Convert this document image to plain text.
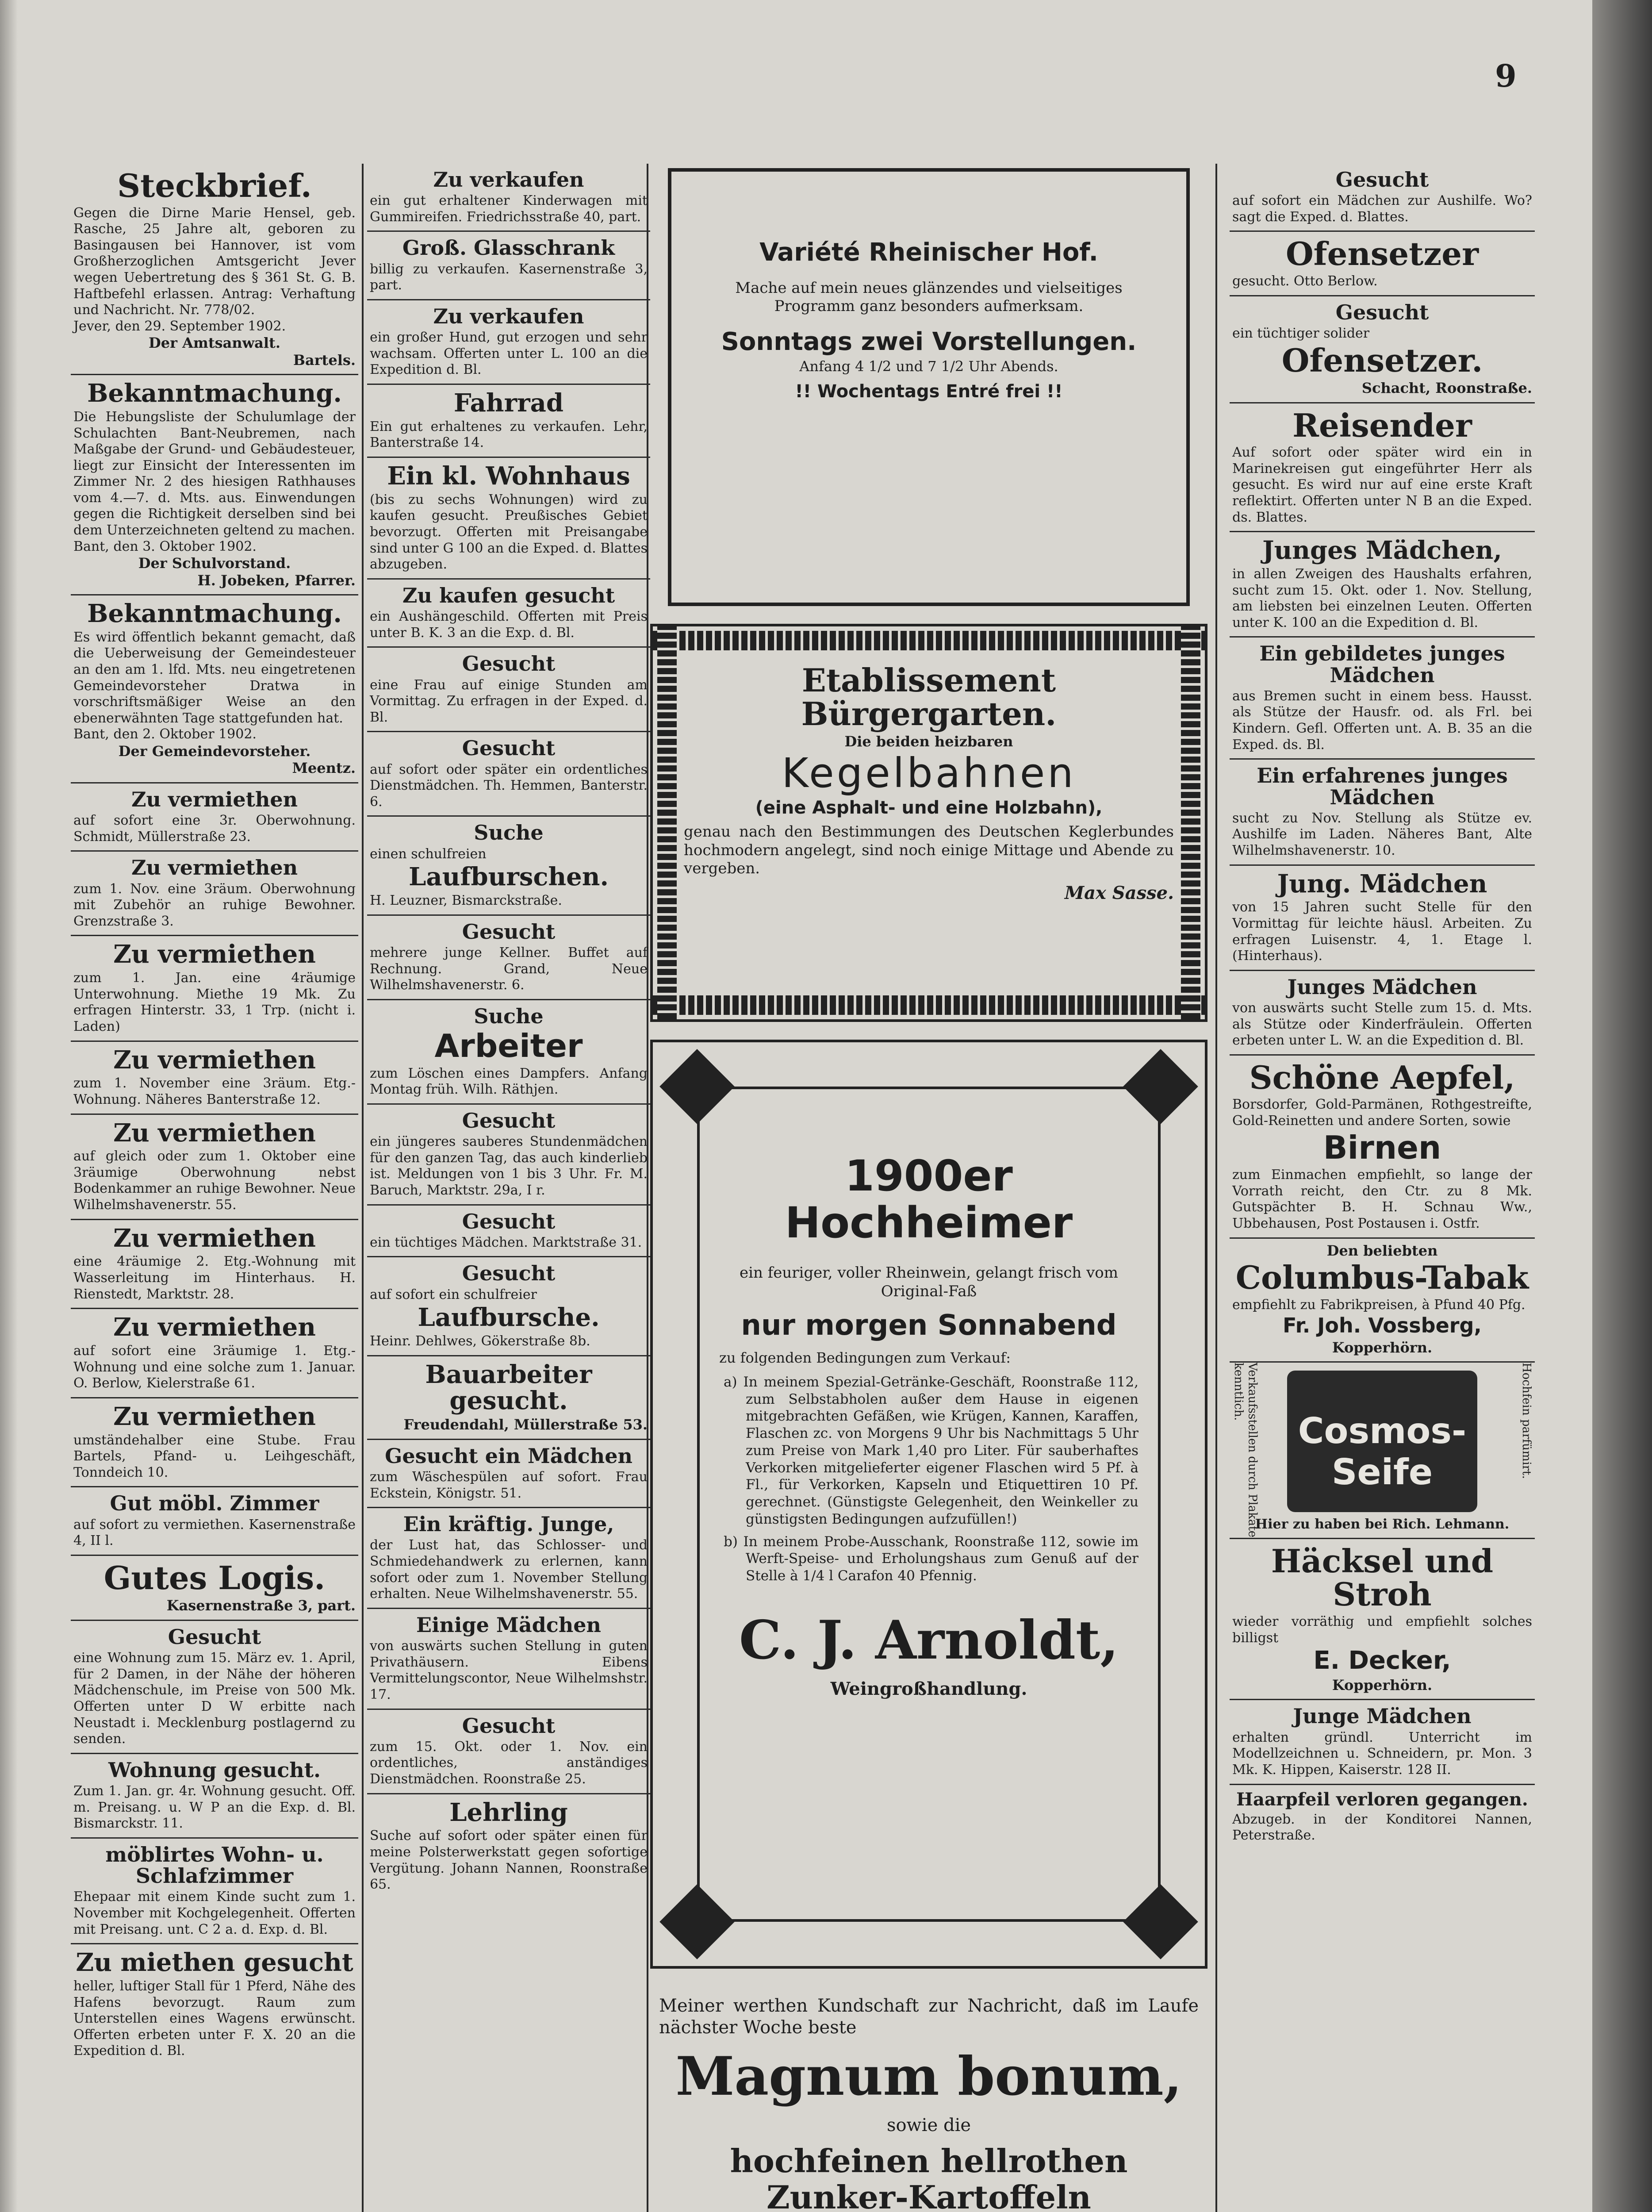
9
Steckbrief.
Gegen die Dirne Marie Hensel, geb. Rasche, 25 Jahre alt, geboren zu Basingausen bei Hannover, ist vom Großherzoglichen Amtsgericht Jever wegen Uebertretung des § 361 St. G. B. Haftbefehl erlassen. Antrag: Verhaftung und Nachricht. Nr. 778/02.
Jever, den 29. September 1902.
Der Amtsanwalt.
Bartels.
Bekanntmachung.
Die Hebungsliste der Schulumlage der Schulachten Bant-Neubremen, nach Maßgabe der Grund- und Gebäudesteuer, liegt zur Einsicht der Interessenten im Zimmer Nr. 2 des hiesigen Rathhauses vom 4.—7. d. Mts. aus. Einwendungen gegen die Richtigkeit derselben sind bei dem Unterzeichneten geltend zu machen.
Bant, den 3. Oktober 1902.
Der Schulvorstand.
H. Jobeken, Pfarrer.
Bekanntmachung.
Es wird öffentlich bekannt gemacht, daß die Ueberweisung der Gemeindesteuer an den am 1. lfd. Mts. neu eingetretenen Gemeindevorsteher Dratwa in vorschriftsmäßiger Weise an den ebenerwähnten Tage stattgefunden hat.
Bant, den 2. Oktober 1902.
Der Gemeindevorsteher.
Meentz.
Zu vermiethen
auf sofort eine 3r. Oberwohnung. Schmidt, Müllerstraße 23.
Zu vermiethen
zum 1. Nov. eine 3räum. Oberwohnung mit Zubehör an ruhige Bewohner. Grenzstraße 3.
Zu vermiethen
zum 1. Jan. eine 4räumige Unterwohnung. Miethe 19 Mk. Zu erfragen Hinterstr. 33, 1 Trp. (nicht i. Laden)
Zu vermiethen
zum 1. November eine 3räum. Etg.-Wohnung. Näheres Banterstraße 12.
Zu vermiethen
auf gleich oder zum 1. Oktober eine 3räumige Oberwohnung nebst Bodenkammer an ruhige Bewohner. Neue Wilhelmshavenerstr. 55.
Zu vermiethen
eine 4räumige 2. Etg.-Wohnung mit Wasserleitung im Hinterhaus. H. Rienstedt, Marktstr. 28.
Zu vermiethen
auf sofort eine 3räumige 1. Etg.-Wohnung und eine solche zum 1. Januar. O. Berlow, Kielerstraße 61.
Zu vermiethen
umständehalber eine Stube. Frau Bartels, Pfand- u. Leihgeschäft, Tonndeich 10.
Gut möbl. Zimmer
auf sofort zu vermiethen. Kasernenstraße 4, II l.
Gutes Logis.
Kasernenstraße 3, part.
Gesucht
eine Wohnung zum 15. März ev. 1. April, für 2 Damen, in der Nähe der höheren Mädchenschule, im Preise von 500 Mk. Offerten unter D W erbitte nach Neustadt i. Mecklenburg postlagernd zu senden.
Wohnung gesucht.
Zum 1. Jan. gr. 4r. Wohnung gesucht. Off. m. Preisang. u. W P an die Exp. d. Bl. Bismarckstr. 11.
möblirtes Wohn- u. Schlafzimmer
Ehepaar mit einem Kinde sucht zum 1. November mit Kochgelegenheit. Offerten mit Preisang. unt. C 2 a. d. Exp. d. Bl.
Zu miethen gesucht
heller, luftiger Stall für 1 Pferd, Nähe des Hafens bevorzugt. Raum zum Unterstellen eines Wagens erwünscht. Offerten erbeten unter F. X. 20 an die Expedition d. Bl.
Zu verkaufen
ein gut erhaltener Kinderwagen mit Gummireifen. Friedrichsstraße 40, part.
Groß. Glasschrank
billig zu verkaufen. Kasernenstraße 3, part.
Zu verkaufen
ein großer Hund, gut erzogen und sehr wachsam. Offerten unter L. 100 an die Expedition d. Bl.
Fahrrad
Ein gut erhaltenes zu verkaufen. Lehr, Banterstraße 14.
Ein kl. Wohnhaus
(bis zu sechs Wohnungen) wird zu kaufen gesucht. Preußisches Gebiet bevorzugt. Offerten mit Preisangabe sind unter G 100 an die Exped. d. Blattes abzugeben.
Zu kaufen gesucht
ein Aushängeschild. Offerten mit Preis unter B. K. 3 an die Exp. d. Bl.
Gesucht
eine Frau auf einige Stunden am Vormittag. Zu erfragen in der Exped. d. Bl.
Gesucht
auf sofort oder später ein ordentliches Dienstmädchen. Th. Hemmen, Banterstr. 6.
Suche
einen schulfreien
Laufburschen.
H. Leuzner, Bismarckstraße.
Gesucht
mehrere junge Kellner. Buffet auf Rechnung. Grand, Neue Wilhelmshavenerstr. 6.
Suche
Arbeiter
zum Löschen eines Dampfers. Anfang Montag früh. Wilh. Räthjen.
Gesucht
ein jüngeres sauberes Stundenmädchen für den ganzen Tag, das auch kinderlieb ist. Meldungen von 1 bis 3 Uhr. Fr. M. Baruch, Marktstr. 29a, I r.
Gesucht
ein tüchtiges Mädchen. Marktstraße 31.
Gesucht
auf sofort ein schulfreier
Laufbursche.
Heinr. Dehlwes, Gökerstraße 8b.
Bauarbeiter gesucht.
Freudendahl, Müllerstraße 53.
Gesucht ein Mädchen
zum Wäschespülen auf sofort. Frau Eckstein, Königstr. 51.
Ein kräftig. Junge,
der Lust hat, das Schlosser- und Schmiedehandwerk zu erlernen, kann sofort oder zum 1. November Stellung erhalten. Neue Wilhelmshavenerstr. 55.
Einige Mädchen
von auswärts suchen Stellung in guten Privathäusern. Eibens Vermittelungscontor, Neue Wilhelmshstr. 17.
Gesucht
zum 15. Okt. oder 1. Nov. ein ordentliches, anständiges Dienstmädchen. Roonstraße 25.
Lehrling
Suche auf sofort oder später einen für meine Polsterwerkstatt gegen sofortige Vergütung. Johann Nannen, Roonstraße 65.
Variété Rheinischer Hof.
Mache auf mein neues glänzendes und vielseitiges Programm ganz besonders aufmerksam.
Sonntags zwei Vorstellungen.
Anfang 4 1/2 und 7 1/2 Uhr Abends.
!! Wochentags Entré frei !!
Etablissement Bürgergarten.
Die beiden heizbaren
Kegelbahnen
(eine Asphalt- und eine Holzbahn),
genau nach den Bestimmungen des Deutschen Keglerbundes hochmodern angelegt, sind noch einige Mittage und Abende zu vergeben.
Max Sasse.
1900er Hochheimer
ein feuriger, voller Rheinwein, gelangt frisch vom Original-Faß
nur morgen Sonnabend
zu folgenden Bedingungen zum Verkauf:
a) In meinem Spezial-Getränke-Geschäft, Roonstraße 112, zum Selbstabholen außer dem Hause in eigenen mitgebrachten Gefäßen, wie Krügen, Kannen, Karaffen, Flaschen zc. von Morgens 9 Uhr bis Nachmittags 5 Uhr zum Preise von Mark 1,40 pro Liter. Für sauberhaftes Verkorken mitgelieferter eigener Flaschen wird 5 Pf. à Fl., für Verkorken, Kapseln und Etiquettiren 10 Pf. gerechnet. (Günstigste Gelegenheit, den Weinkeller zu günstigsten Bedingungen aufzufüllen!)
b) In meinem Probe-Ausschank, Roonstraße 112, sowie im Werft-Speise- und Erholungshaus zum Genuß auf der Stelle à 1/4 l Carafon 40 Pfennig.
C. J. Arnoldt,
Weingroßhandlung.
Meiner werthen Kundschaft zur Nachricht, daß im Laufe nächster Woche beste
Magnum bonum,
sowie die
hochfeinen hellrothen Zunker-Kartoffeln
Gesucht
auf sofort ein Mädchen zur Aushilfe. Wo? sagt die Exped. d. Blattes.
Ofensetzer
gesucht. Otto Berlow.
Gesucht
ein tüchtiger solider
Ofensetzer.
Schacht, Roonstraße.
Reisender
Auf sofort oder später wird ein in Marinekreisen gut eingeführter Herr als gesucht. Es wird nur auf eine erste Kraft reflektirt. Offerten unter N B an die Exped. ds. Blattes.
Junges Mädchen,
in allen Zweigen des Haushalts erfahren, sucht zum 15. Okt. oder 1. Nov. Stellung, am liebsten bei einzelnen Leuten. Offerten unter K. 100 an die Expedition d. Bl.
Ein gebildetes junges Mädchen
aus Bremen sucht in einem bess. Hausst. als Stütze der Hausfr. od. als Frl. bei Kindern. Gefl. Offerten unt. A. B. 35 an die Exped. ds. Bl.
Ein erfahrenes junges Mädchen
sucht zu Nov. Stellung als Stütze ev. Aushilfe im Laden. Näheres Bant, Alte Wilhelmshavenerstr. 10.
Jung. Mädchen
von 15 Jahren sucht Stelle für den Vormittag für leichte häusl. Arbeiten. Zu erfragen Luisenstr. 4, 1. Etage l. (Hinterhaus).
Junges Mädchen
von auswärts sucht Stelle zum 15. d. Mts. als Stütze oder Kinderfräulein. Offerten erbeten unter L. W. an die Expedition d. Bl.
Schöne Aepfel,
Borsdorfer, Gold-Parmänen, Rothgestreifte, Gold-Reinetten und andere Sorten, sowie
Birnen
zum Einmachen empfiehlt, so lange der Vorrath reicht, den Ctr. zu 8 Mk. Gutspächter B. H. Schnau Ww., Ubbehausen, Post Postausen i. Ostfr.
Den beliebten
Columbus-Tabak
empfiehlt zu Fabrikpreisen, à Pfund 40 Pfg.
Fr. Joh. Vossberg,
Kopperhörn.
Verkaufsstellen durch Plakate kenntlich.	Hochfein parfümirt.
Cosmos-Seife
Hier zu haben bei Rich. Lehmann.
Häcksel und Stroh
wieder vorräthig und empfiehlt solches billigst
E. Decker,
Kopperhörn.
Junge Mädchen
erhalten gründl. Unterricht im Modellzeichnen u. Schneidern, pr. Mon. 3 Mk. K. Hippen, Kaiserstr. 128 II.
Haarpfeil verloren gegangen.
Abzugeb. in der Konditorei Nannen, Peterstraße.
